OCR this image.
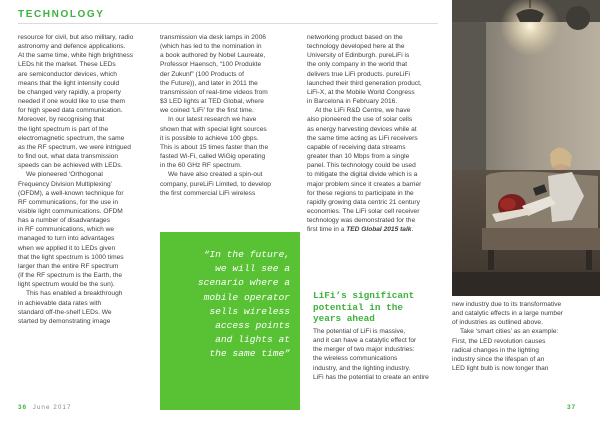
TECHNOLOGY

resource for civil, but also military, radio

astronomy and defence applications.

At the same time, white high brightness

LEDs hit the market. These LEDs

are semiconductor devices, which

means that the light intensity could

be changed very rapidly, a property

needed if one would like to use them

for high speed data communication.

Moreover, by recognising that

the light spectrum is part of the

electromagnetic spectrum, the same

as the RF spectrum, we were intrigued

to find out, what data transmission

speeds can be achieved with LEDs.

We pioneered ‘Orthogonal

Frequency Division Multiplexing’

(OFDM), a well-known technique for

RF communications, for the use in

visible light communications. OFDM

has a number of disadvantages

in RF communications, which we

managed to turn into advantages

when we applied it to LEDs given

that the light spectrum is 1000 times

larger than the entire RF spectrum

(if the RF spectrum is the Earth, the

light spectrum would be the sun).

This has enabled a breakthrough

in achievable data rates with

standard off-the-shelf LEDs. We

started by demonstrating image

transmission via desk lamps in 2006

(which has led to the nomination in

a book authored by Nobel Laureate,

Professor Haensch, “100 Produkte

der Zukunf” (100 Products of

the Future)), and later in 2011 the

transmission of real-time videos from

$3 LED lights at TED Global, where

we coined ‘LiFi’ for the first time.

In our latest research we have

shown that with special light sources

it is possible to achieve 100 gbps.

This is about 15 times faster than the

fasted Wi-Fi, called WiGig operating

in the 60 GHz RF spectrum.

We have also created a spin-out

company, pureLiFi Limited, to develop

the first commercial LiFi wireless

networking product based on the

technology developed here at the

University of Edinburgh. pureLiFi is

the only company in the world that

delivers true LiFi products. pureLiFi

launched their third generation product,

LiFi-X, at the Mobile World Congress

in Barcelona in February 2016.

At the LiFi R&D Centre, we have

also pioneered the use of solar cells

as energy harvesting devices while at

the same time acting as LiFi receivers

capable of receiving data streams

greater than 10 Mbps from a single

panel. This technology could be used

to mitigate the digital divide which is a

major problem since it creates a barrier

for these regions to participate in the

rapidly growing data centric 21 century

economies. The LiFi solar cell receiver

technology was demonstrated for the

first time in a TED Global 2015 talk.

“In the future,
we will see a
scenario where a
mobile operator
sells wireless
access points
and lights at
the same time”
LiFi’s significant
potential in the
years ahead

The potential of LiFi is massive,

and it can have a catalytic effect for

the merger of two major industries:

the wireless communications

industry, and the lighting industry.

LiFi has the potential to create an entire

new industry due to its transformative

and catalytic effects in a large number

of industries as outlined above.

Take ‘smart cities’ as an example:

First, the LED revolution causes

radical changes in the lighting

industry since the lifespan of an

LED light bulb is now longer than

36 June 2017	37
